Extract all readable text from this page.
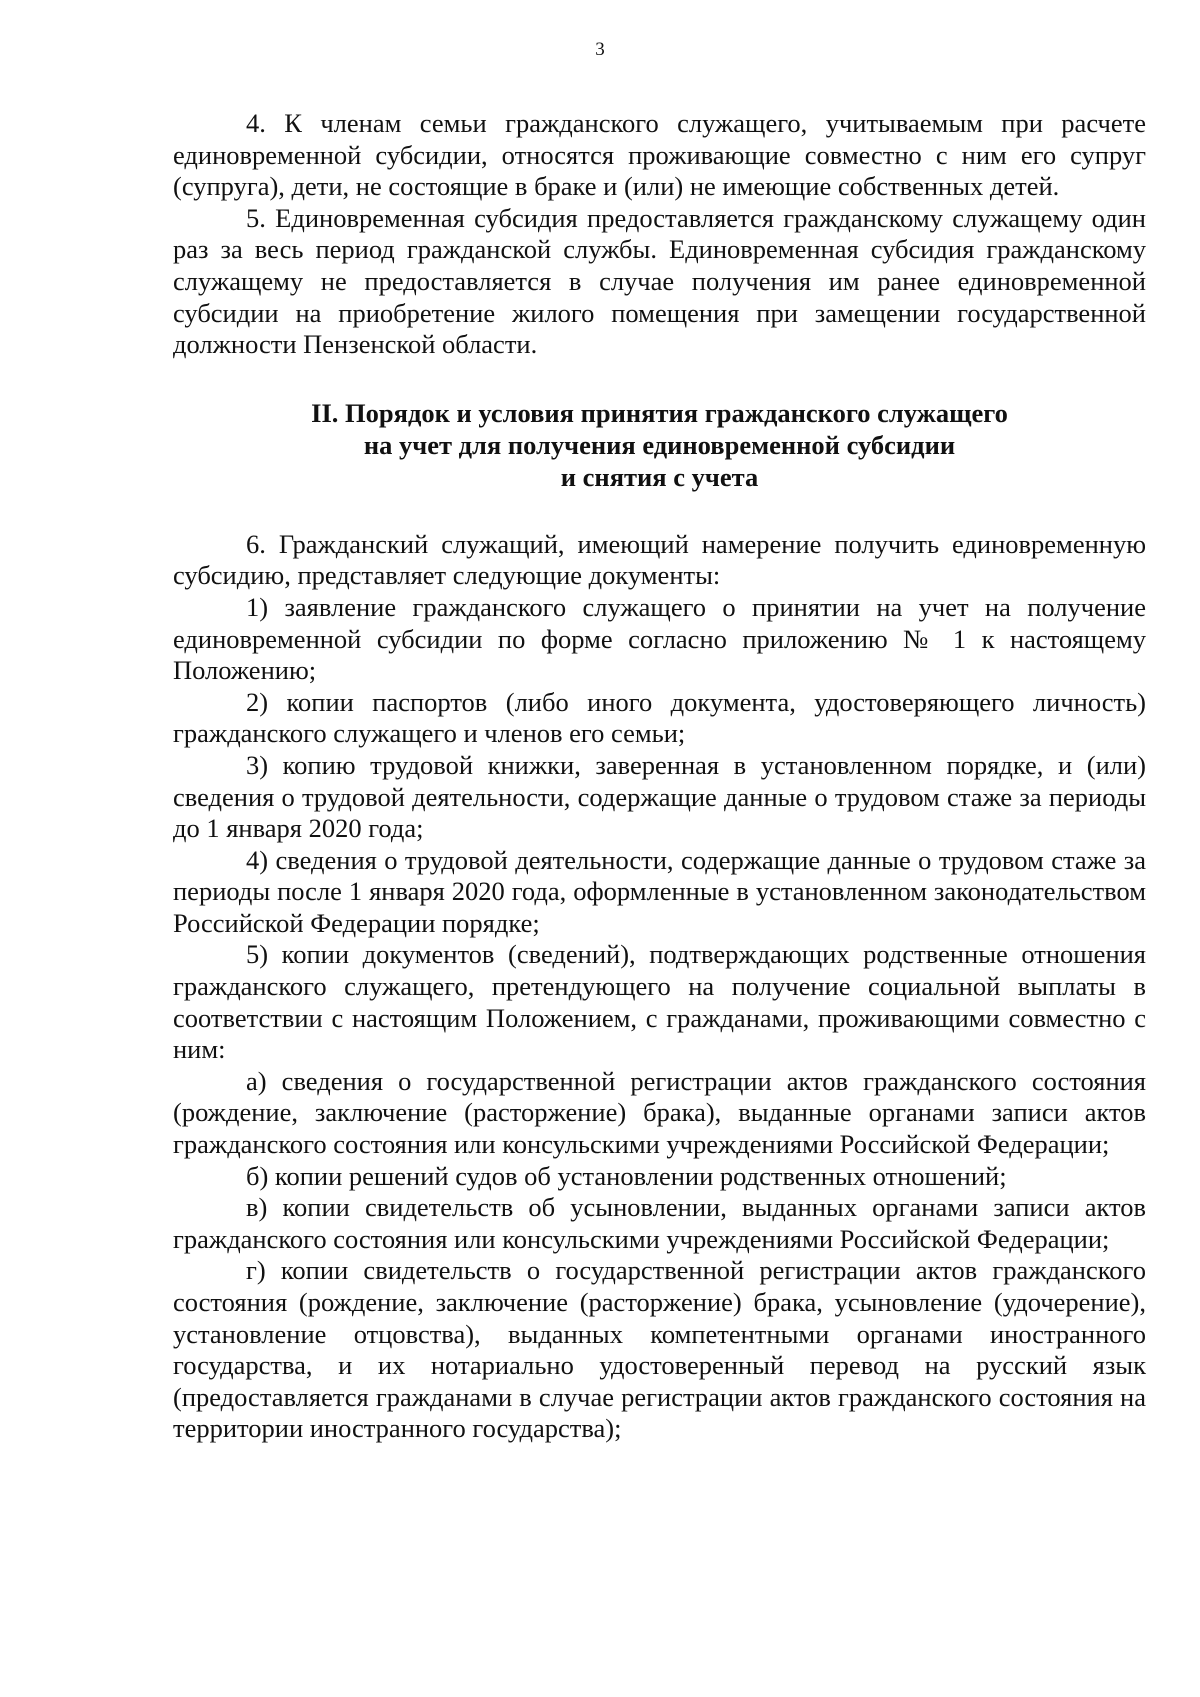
3

4. К членам семьи гражданского служащего, учитываемым при расчете единовременной субсидии, относятся проживающие совместно с ним его супруг (супруга), дети, не состоящие в браке и (или) не имеющие собственных детей.

5. Единовременная субсидия предоставляется гражданскому служащему один раз за весь период гражданской службы. Единовременная субсидия гражданскому служащему не предоставляется в случае получения им ранее единовременной субсидии на приобретение жилого помещения при замещении государственной должности Пензенской области.

II. Порядок и условия принятия гражданского служащего
на учет для получения единовременной субсидии
и снятия с учета

6. Гражданский служащий, имеющий намерение получить единовременную субсидию, представляет следующие документы:

1) заявление гражданского служащего о принятии на учет на получение единовременной субсидии по форме согласно приложению № 1 к настоящему Положению;

2) копии паспортов (либо иного документа, удостоверяющего личность) гражданского служащего и членов его семьи;

3) копию трудовой книжки, заверенная в установленном порядке, и (или) сведения о трудовой деятельности, содержащие данные о трудовом стаже за периоды до 1 января 2020 года;

4) сведения о трудовой деятельности, содержащие данные о трудовом стаже за периоды после 1 января 2020 года, оформленные в установленном законодательством Российской Федерации порядке;

5) копии документов (сведений), подтверждающих родственные отношения гражданского служащего, претендующего на получение социальной выплаты в соответствии с настоящим Положением, с гражданами, проживающими совместно с ним:

а) сведения о государственной регистрации актов гражданского состояния (рождение, заключение (расторжение) брака), выданные органами записи актов гражданского состояния или консульскими учреждениями Российской Федерации;

б) копии решений судов об установлении родственных отношений;

в) копии свидетельств об усыновлении, выданных органами записи актов гражданского состояния или консульскими учреждениями Российской Федерации;

г) копии свидетельств о государственной регистрации актов гражданского состояния (рождение, заключение (расторжение) брака, усыновление (удочерение), установление отцовства), выданных компетентными органами иностранного государства, и их нотариально удостоверенный перевод на русский язык (предоставляется гражданами в случае регистрации актов гражданского состояния на территории иностранного государства);
